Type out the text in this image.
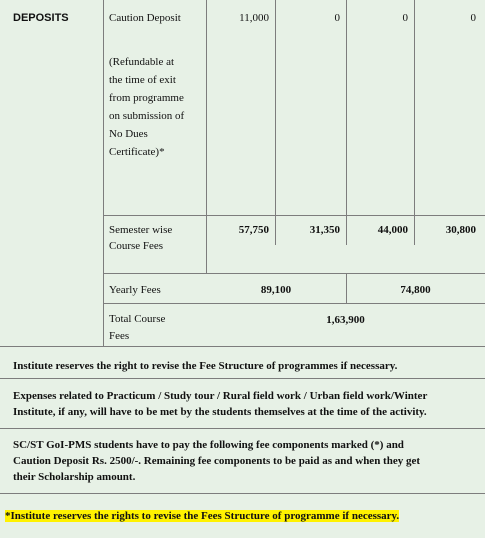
DEPOSITS	Caution Deposit	11,000	0	0	0
(Refundable at
the time of exit
from programme
on submission of
No Dues
Certificate)*
Semester wise
Course Fees
57,750	31,350	44,000	30,800
Yearly Fees	89,100	74,800
Total Course
Fees
1,63,900
Institute reserves the right to revise the Fee Structure of programmes if necessary.
Expenses related to Practicum / Study tour / Rural field work / Urban field work/Winter
Institute, if any, will have to be met by the students themselves at the time of the activity.
SC/ST GoI-PMS students have to pay the following fee components marked (*) and
Caution Deposit Rs. 2500/-. Remaining fee components to be paid as and when they get
their Scholarship amount.
*Institute reserves the rights to revise the Fees Structure of programme if necessary.
